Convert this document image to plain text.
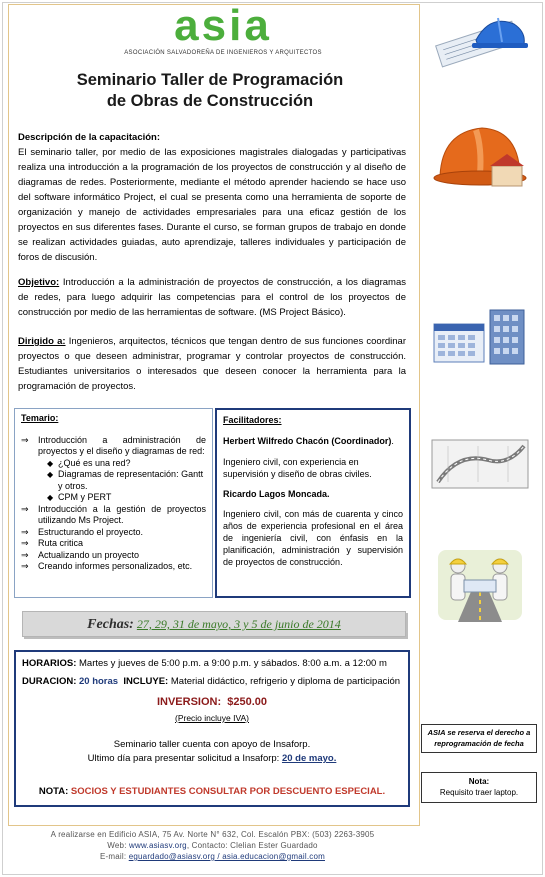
asia
ASOCIACIÓN SALVADOREÑA DE INGENIEROS Y ARQUITECTOS
Seminario Taller de Programación
de Obras de Construcción
Descripción de la capacitación:
El seminario taller, por medio de las exposiciones magistrales dialogadas y participativas realiza una introducción a la programación de los proyectos de construcción y al diseño de diagramas de redes. Posteriormente, mediante el método aprender haciendo se hace uso del software informático Project, el cual se presenta como una herramienta de soporte de organización y manejo de actividades empresariales para una eficaz gestión de los proyectos en sus diferentes fases. Durante el curso, se forman grupos de trabajo en donde se realizan actividades guiadas, auto aprendizaje, talleres individuales y participación de foros de discusión.
Objetivo: Introducción a la administración de proyectos de construcción, a los diagramas de redes, para luego adquirir las competencias para el control de los proyectos de construcción por medio de las herramientas de software. (MS Project Básico).
Dirigido a: Ingenieros, arquitectos, técnicos que tengan dentro de sus funciones coordinar proyectos o que deseen administrar, programar y controlar proyectos de construcción. Estudiantes universitarios o interesados que deseen conocer la herramienta para la programación de proyectos.
Temario:
⇒ Introducción a administración de proyectos y el diseño y diagramas de red:
◆ ¿Qué es una red?
◆ Diagramas de representación: Gantt y otros.
◆ CPM y PERT
⇒ Introducción a la gestión de proyectos utilizando Ms Project.
⇒ Estructurando el proyecto.
⇒ Ruta critica
⇒ Actualizando un proyecto
⇒ Creando informes personalizados, etc.
Facilitadores:
Herbert Wilfredo Chacón (Coordinador).
Ingeniero civil, con experiencia en supervisión y diseño de obras civiles.
Ricardo Lagos Moncada.
Ingeniero civil, con más de cuarenta y cinco años de experiencia profesional en el área de ingeniería civil, con énfasis en la planificación, administración y supervisión de proyectos de construcción.
Fechas: 27, 29, 31 de mayo, 3 y 5 de junio de 2014
HORARIOS: Martes y jueves de 5:00 p.m. a 9:00 p.m. y sábados. 8:00 a.m. a 12:00 m
DURACION: 20 horas INCLUYE: Material didáctico, refrigerio y diploma de participación
INVERSION: $250.00
(Precio incluye IVA)
Seminario taller cuenta con apoyo de Insaforp.
Ultimo día para presentar solicitud a Insaforp: 20 de mayo.
NOTA: SOCIOS Y ESTUDIANTES CONSULTAR POR DESCUENTO ESPECIAL.
ASIA se reserva el derecho a reprogramación de fecha
Nota:
Requisito traer laptop.
A realizarse en Edificio ASIA, 75 Av. Norte N° 632, Col. Escalón PBX: (503) 2263-3905
Web: www.asiasv.org, Contacto: Clelian Ester Guardado
E-mail: eguardado@asiasv.org / asia.educacion@gmail.com
